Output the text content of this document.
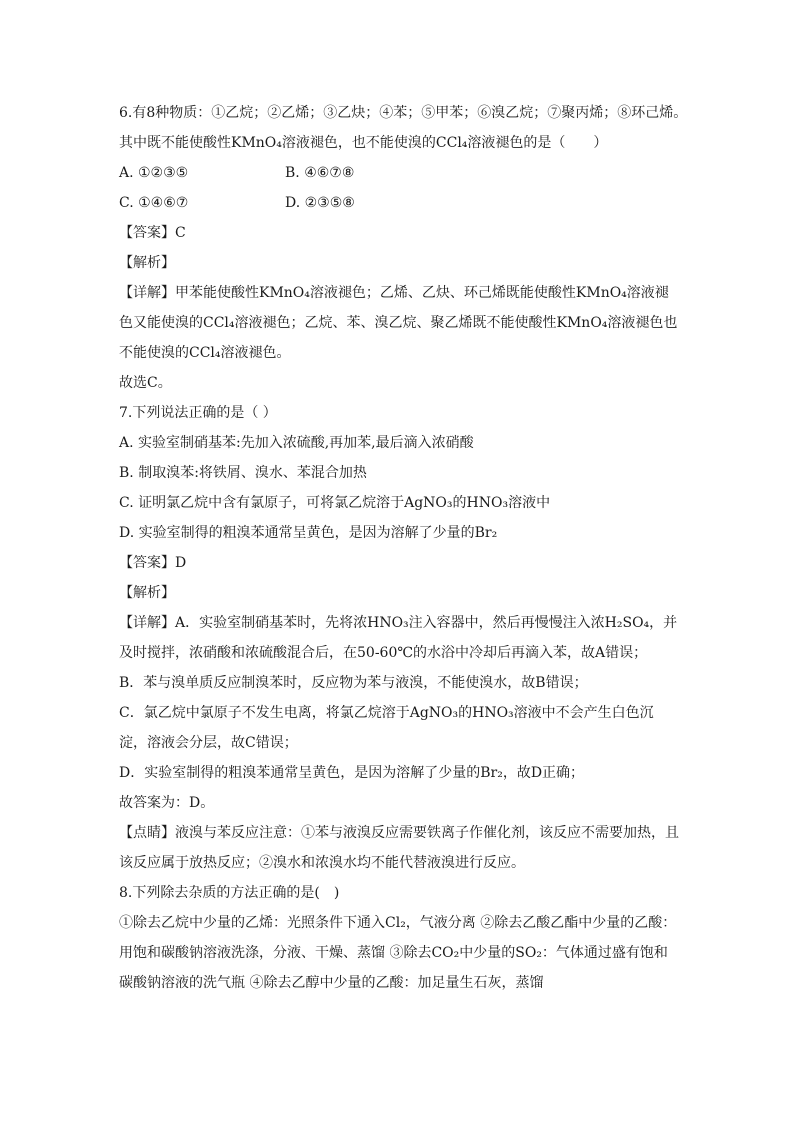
6.有8种物质：①乙烷；②乙烯；③乙炔；④苯；⑤甲苯；⑥溴乙烷；⑦聚丙烯；⑧环己烯。
其中既不能使酸性KMnO₄溶液褪色，也不能使溴的CCl₄溶液褪色的是（　　）
A. ①②③⑤	B. ④⑥⑦⑧
C. ①④⑥⑦	D. ②③⑤⑧
【答案】C
【解析】
【详解】甲苯能使酸性KMnO₄溶液褪色；乙烯、乙炔、环己烯既能使酸性KMnO₄溶液褪
色又能使溴的CCl₄溶液褪色；乙烷、苯、溴乙烷、聚乙烯既不能使酸性KMnO₄溶液褪色也
不能使溴的CCl₄溶液褪色。
故选C。
7.下列说法正确的是（ ）
A. 实验室制硝基苯:先加入浓硫酸,再加苯,最后滴入浓硝酸
B. 制取溴苯:将铁屑、溴水、苯混合加热
C. 证明氯乙烷中含有氯原子，可将氯乙烷溶于AgNO₃的HNO₃溶液中
D. 实验室制得的粗溴苯通常呈黄色，是因为溶解了少量的Br₂
【答案】D
【解析】
【详解】A．实验室制硝基苯时，先将浓HNO₃注入容器中，然后再慢慢注入浓H₂SO₄，并
及时搅拌，浓硝酸和浓硫酸混合后，在50-60℃的水浴中冷却后再滴入苯，故A错误；
B．苯与溴单质反应制溴苯时，反应物为苯与液溴，不能使溴水，故B错误；
C．氯乙烷中氯原子不发生电离，将氯乙烷溶于AgNO₃的HNO₃溶液中不会产生白色沉
淀，溶液会分层，故C错误；
D．实验室制得的粗溴苯通常呈黄色，是因为溶解了少量的Br₂，故D正确；
故答案为：D。
【点睛】液溴与苯反应注意：①苯与液溴反应需要铁离子作催化剂，该反应不需要加热，且
该反应属于放热反应；②溴水和浓溴水均不能代替液溴进行反应。
8.下列除去杂质的方法正确的是(　)
①除去乙烷中少量的乙烯：光照条件下通入Cl₂，气液分离 ②除去乙酸乙酯中少量的乙酸：
用饱和碳酸钠溶液洗涤，分液、干燥、蒸馏 ③除去CO₂中少量的SO₂：气体通过盛有饱和
碳酸钠溶液的洗气瓶 ④除去乙醇中少量的乙酸：加足量生石灰，蒸馏
